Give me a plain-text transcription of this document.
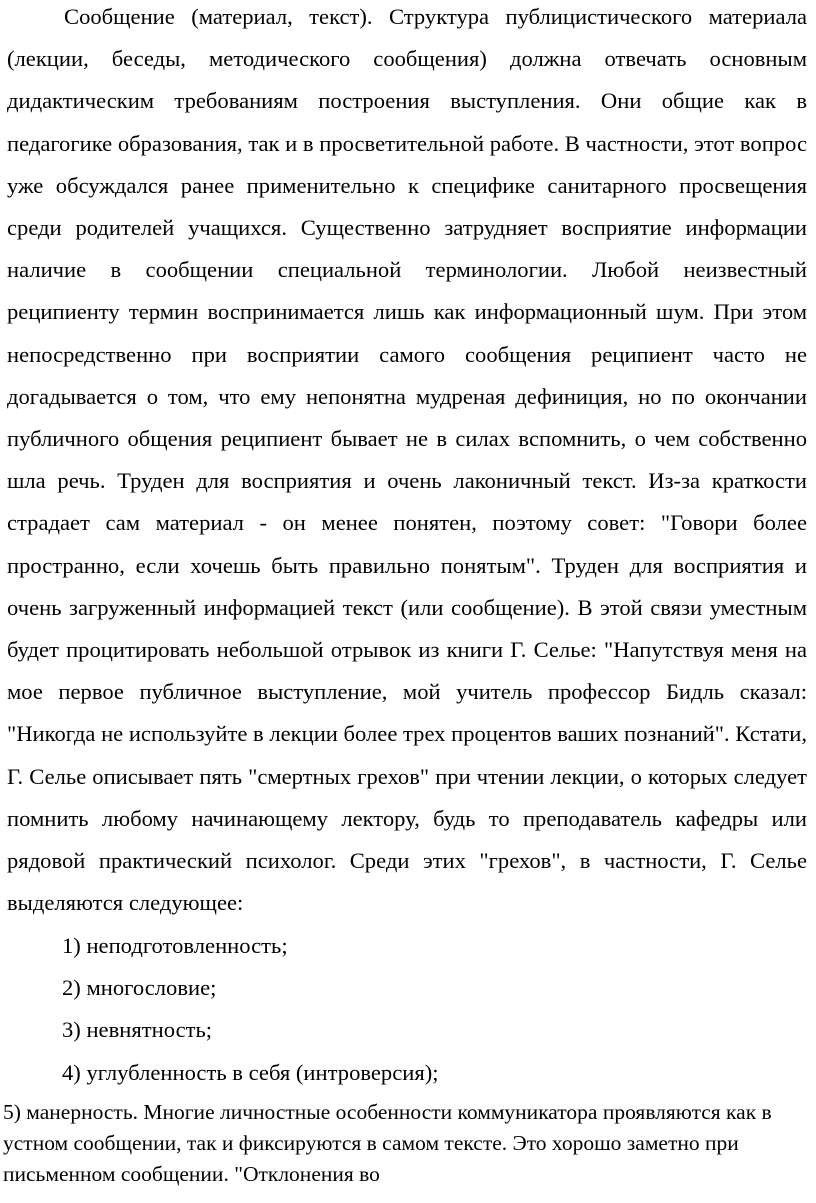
Сообщение (материал, текст). Структура публицистического материала (лекции, беседы, методического сообщения) должна отвечать основным дидактическим требованиям построения выступления. Они общие как в педагогике образования, так и в просветительной работе. В частности, этот вопрос уже обсуждался ранее применительно к специфике санитарного просвещения среди родителей учащихся. Существенно затрудняет восприятие информации наличие в сообщении специальной терминологии. Любой неизвестный реципиенту термин воспринимается лишь как информационный шум. При этом непосредственно при восприятии самого сообщения реципиент часто не догадывается о том, что ему непонятна мудреная дефиниция, но по окончании публичного общения реципиент бывает не в силах вспомнить, о чем собственно шла речь. Труден для восприятия и очень лаконичный текст. Из-за краткости страдает сам материал - он менее понятен, поэтому совет: "Говори более пространно, если хочешь быть правильно понятым". Труден для восприятия и очень загруженный информацией текст (или сообщение). В этой связи уместным будет процитировать небольшой отрывок из книги Г. Селье: "Напутствуя меня на мое первое публичное выступление, мой учитель профессор Бидль сказал: "Никогда не используйте в лекции более трех процентов ваших познаний". Кстати, Г. Селье описывает пять "смертных грехов" при чтении лекции, о которых следует помнить любому начинающему лектору, будь то преподаватель кафедры или рядовой практический психолог. Среди этих "грехов", в частности, Г. Селье выделяются следующее:

1) неподготовленность;
2) многословие;
3) невнятность;
4) углубленность в себя (интроверсия);

5) манерность. Многие личностные особенности коммуникатора проявляются как в устном сообщении, так и фиксируются в самом тексте. Это хорошо заметно при письменном сообщении. "Отклонения во
